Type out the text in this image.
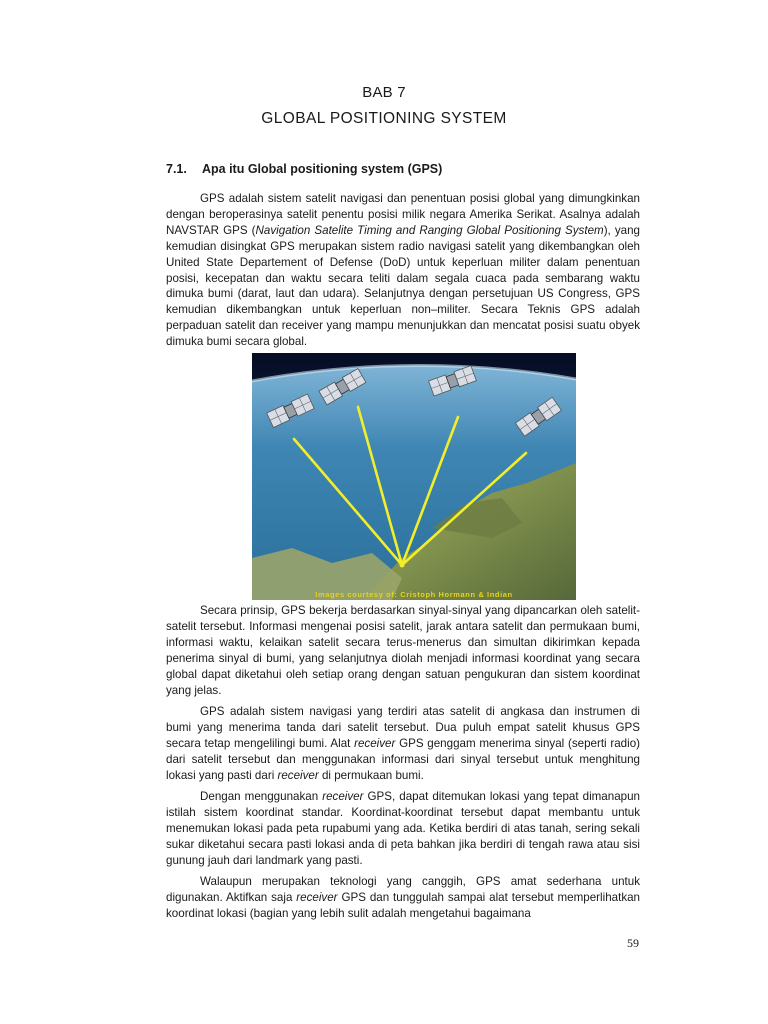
BAB 7
GLOBAL POSITIONING SYSTEM
7.1. Apa itu Global positioning system (GPS)

GPS adalah sistem satelit navigasi dan penentuan posisi global yang dimungkinkan dengan beroperasinya satelit penentu posisi milik negara Amerika Serikat. Asalnya adalah NAVSTAR GPS (Navigation Satelite Timing and Ranging Global Positioning System), yang kemudian disingkat GPS merupakan sistem radio navigasi satelit yang dikembangkan oleh United State Departement of Defense (DoD) untuk keperluan militer dalam penentuan posisi, kecepatan dan waktu secara teliti dalam segala cuaca pada sembarang waktu dimuka bumi (darat, laut dan udara). Selanjutnya dengan persetujuan US Congress, GPS kemudian dikembangkan untuk keperluan non–militer. Secara Teknis GPS adalah perpaduan satelit dan receiver yang mampu menunjukkan dan mencatat posisi suatu obyek dimuka bumi secara global.

Images courtesy of: Cristoph Hormann & Indian

Secara prinsip, GPS bekerja berdasarkan sinyal-sinyal yang dipancarkan oleh satelit-satelit tersebut. Informasi mengenai posisi satelit, jarak antara satelit dan permukaan bumi, informasi waktu, kelaikan satelit secara terus-menerus dan simultan dikirimkan kepada penerima sinyal di bumi, yang selanjutnya diolah menjadi informasi koordinat yang secara global dapat diketahui oleh setiap orang dengan satuan pengukuran dan sistem koordinat yang jelas.

GPS adalah sistem navigasi yang terdiri atas satelit di angkasa dan instrumen di bumi yang menerima tanda dari satelit tersebut. Dua puluh empat satelit khusus GPS secara tetap mengelilingi bumi. Alat receiver GPS genggam menerima sinyal (seperti radio) dari satelit tersebut dan menggunakan informasi dari sinyal tersebut untuk menghitung lokasi yang pasti dari receiver di permukaan bumi.

Dengan menggunakan receiver GPS, dapat ditemukan lokasi yang tepat dimanapun istilah sistem koordinat standar. Koordinat-koordinat tersebut dapat membantu untuk menemukan lokasi pada peta rupabumi yang ada. Ketika berdiri di atas tanah, sering sekali sukar diketahui secara pasti lokasi anda di peta bahkan jika berdiri di tengah rawa atau sisi gunung jauh dari landmark yang pasti.

Walaupun merupakan teknologi yang canggih, GPS amat sederhana untuk digunakan. Aktifkan saja receiver GPS dan tunggulah sampai alat tersebut memperlihatkan koordinat lokasi (bagian yang lebih sulit adalah mengetahui bagaimana

59
